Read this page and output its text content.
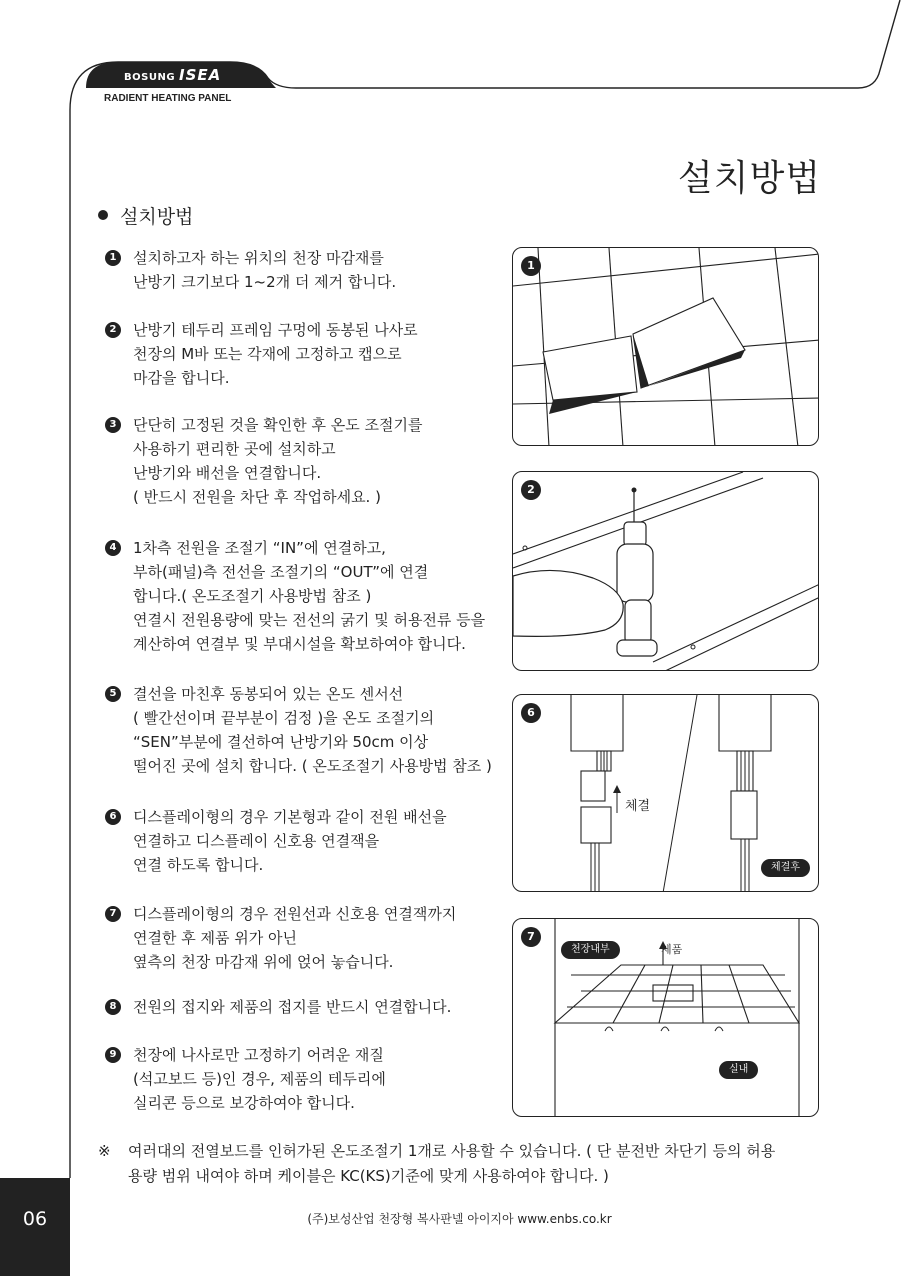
BOSUNG ISEA
RADIENT HEATING PANEL
설치방법
설치방법
1	설치하고자 하는 위치의 천장 마감재를
난방기 크기보다 1~2개 더 제거 합니다.
2	난방기 테두리 프레임 구멍에 동봉된 나사로
천장의 M바 또는 각재에 고정하고 캡으로
마감을 합니다.
3	단단히 고정된 것을 확인한 후 온도 조절기를
사용하기 편리한 곳에 설치하고
난방기와 배선을 연결합니다.
( 반드시 전원을 차단 후 작업하세요. )
4	1차측 전원을 조절기 “IN”에 연결하고,
부하(패널)측 전선을 조절기의 “OUT”에 연결
합니다.( 온도조절기 사용방법 참조 )
연결시 전원용량에 맞는 전선의 굵기 및 허용전류 등을
계산하여 연결부 및 부대시설을 확보하여야 합니다.
5	결선을 마친후 동봉되어 있는 온도 센서선
( 빨간선이며 끝부분이 검정 )을 온도 조절기의
“SEN”부분에 결선하여 난방기와 50cm 이상
떨어진 곳에 설치 합니다. ( 온도조절기 사용방법 참조 )
6	디스플레이형의 경우 기본형과 같이 전원 배선을
연결하고 디스플레이 신호용 연결잭을
연결 하도록 합니다.
7	디스플레이형의 경우 전원선과 신호용 연결잭까지
연결한 후 제품 위가 아닌
옆측의 천장 마감재 위에 얹어 놓습니다.
8	전원의 접지와 제품의 접지를 반드시 연결합니다.
9	천장에 나사로만 고정하기 어려운 재질
(석고보드 등)인 경우, 제품의 테두리에
실리콘 등으로 보강하여야 합니다.
1
2
6
체결
체결후
7
천장내부	제품
실내
※ 여러대의 전열보드를 인허가된 온도조절기 1개로 사용할 수 있습니다. ( 단 분전반 차단기 등의 허용
용량 범위 내여야 하며 케이블은 KC(KS)기준에 맞게 사용하여야 합니다. )
06	(주)보성산업 천장형 복사판넬 아이지아 www.enbs.co.kr
